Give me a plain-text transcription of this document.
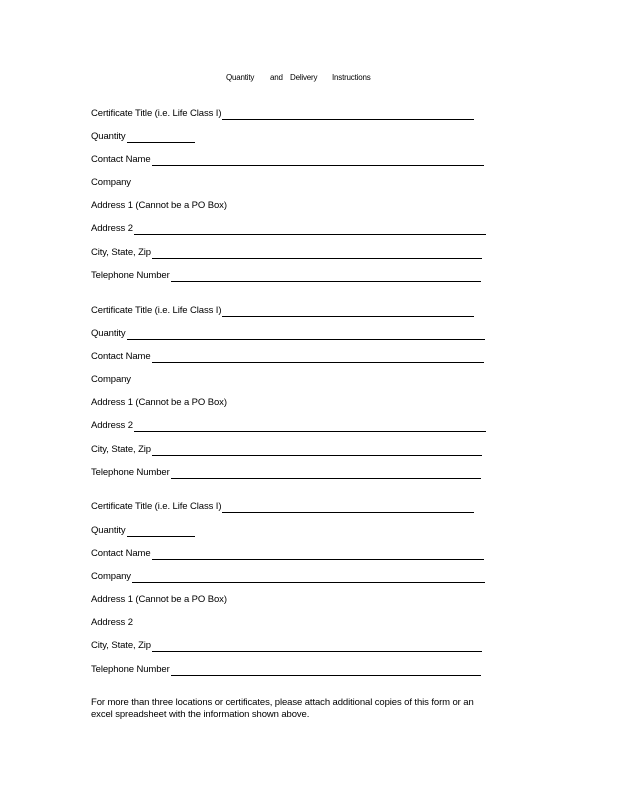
Quantity and Delivery Instructions
Certificate Title (i.e. Life Class I)
Quantity
Contact Name
Company
Address 1 (Cannot be a PO Box)
Address 2
City, State, Zip
Telephone Number
Certificate Title (i.e. Life Class I)
Quantity
Contact Name
Company
Address 1 (Cannot be a PO Box)
Address 2
City, State, Zip
Telephone Number
Certificate Title (i.e. Life Class I)
Quantity
Contact Name
Company
Address 1 (Cannot be a PO Box)
Address 2
City, State, Zip
Telephone Number
For more than three locations or certificates, please attach additional copies of this form or an
excel spreadsheet with the information shown above.
